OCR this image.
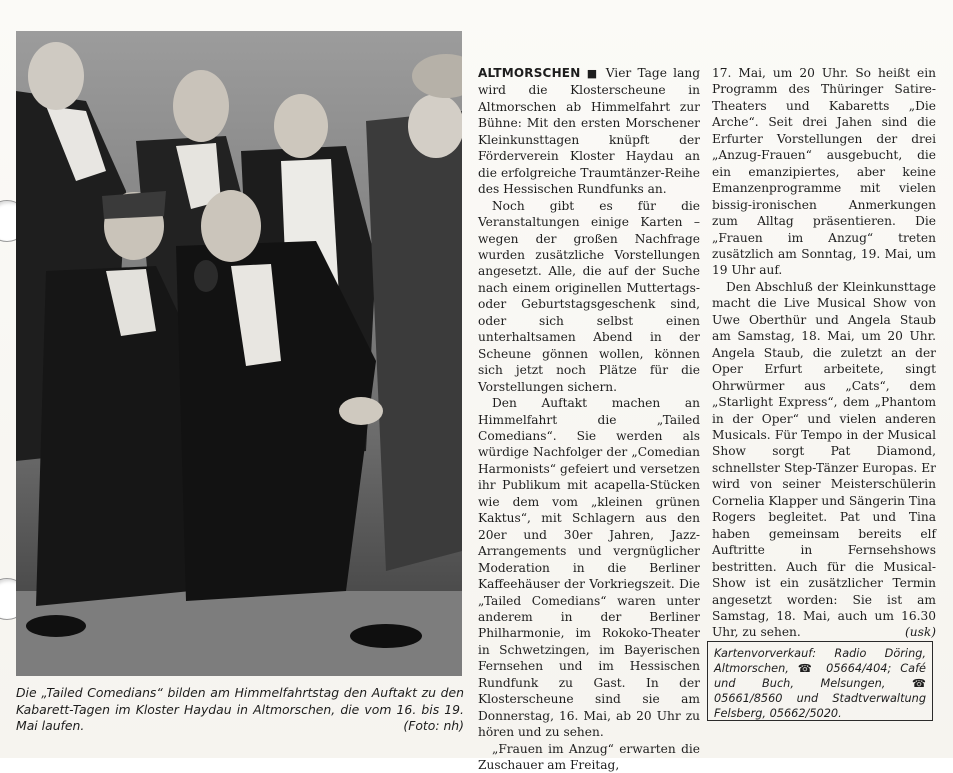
Die „Tailed Comedians“ bilden am Himmelfahrtstag den Auftakt zu den Kabarett-Tagen im Kloster Haydau in Altmorschen, die vom 16. bis 19. Mai laufen.	(Foto: nh)

ALTMORSCHEN ■ Vier Tage lang wird die Klosterscheune in Altmorschen ab Himmelfahrt zur Bühne: Mit den ersten Morschener Kleinkunsttagen knüpft der Förderverein Kloster Haydau an die erfolgreiche Traumtänzer-Reihe des Hessischen Rundfunks an.

Noch gibt es für die Veranstaltungen einige Karten – wegen der großen Nachfrage wurden zusätzliche Vorstellungen angesetzt. Alle, die auf der Suche nach einem originellen Muttertags- oder Geburtstagsgeschenk sind, oder sich selbst einen unterhaltsamen Abend in der Scheune gönnen wollen, können sich jetzt noch Plätze für die Vorstellungen sichern.

Den Auftakt machen an Himmelfahrt die „Tailed Comedians“. Sie werden als würdige Nachfolger der „Comedian Harmonists“ gefeiert und versetzen ihr Publikum mit acapella-Stücken wie dem vom „kleinen grünen Kaktus“, mit Schlagern aus den 20er und 30er Jahren, Jazz-Arrangements und vergnüglicher Moderation in die Berliner Kaffeehäuser der Vorkriegszeit. Die „Tailed Comedians“ waren unter anderem in der Berliner Philharmonie, im Rokoko-Theater in Schwetzingen, im Bayerischen Fernsehen und im Hessischen Rundfunk zu Gast. In der Klosterscheune sind sie am Donnerstag, 16. Mai, ab 20 Uhr zu hören und zu sehen.

„Frauen im Anzug“ erwarten die Zuschauer am Freitag,

17. Mai, um 20 Uhr. So heißt ein Programm des Thüringer Satire-Theaters und Kabaretts „Die Arche“. Seit drei Jahen sind die Erfurter Vorstellungen der drei „Anzug-Frauen“ ausgebucht, die ein emanzipiertes, aber keine Emanzenprogramme mit vielen bissig-ironischen Anmerkungen zum Alltag präsentieren. Die „Frauen im Anzug“ treten zusätzlich am Sonntag, 19. Mai, um 19 Uhr auf.

Den Abschluß der Kleinkunsttage macht die Live Musical Show von Uwe Oberthür und Angela Staub am Samstag, 18. Mai, um 20 Uhr. Angela Staub, die zuletzt an der Oper Erfurt arbeitete, singt Ohrwürmer aus „Cats“, dem „Starlight Express“, dem „Phantom in der Oper“ und vielen anderen Musicals. Für Tempo in der Musical Show sorgt Pat Diamond, schnellster Step-Tänzer Europas. Er wird von seiner Meisterschülerin Cornelia Klapper und Sängerin Tina Rogers begleitet. Pat und Tina haben gemeinsam bereits elf Auftritte in Fernsehshows bestritten. Auch für die Musical-Show ist ein zusätzlicher Termin angesetzt worden: Sie ist am Samstag, 18. Mai, auch um 16.30 Uhr, zu sehen.	(usk)

Kartenvorverkauf: Radio Döring, Altmorschen, ☎ 05664/404; Café und Buch, Melsungen, ☎ 05661/8560 und Stadtverwaltung Felsberg, 05662/5020.
